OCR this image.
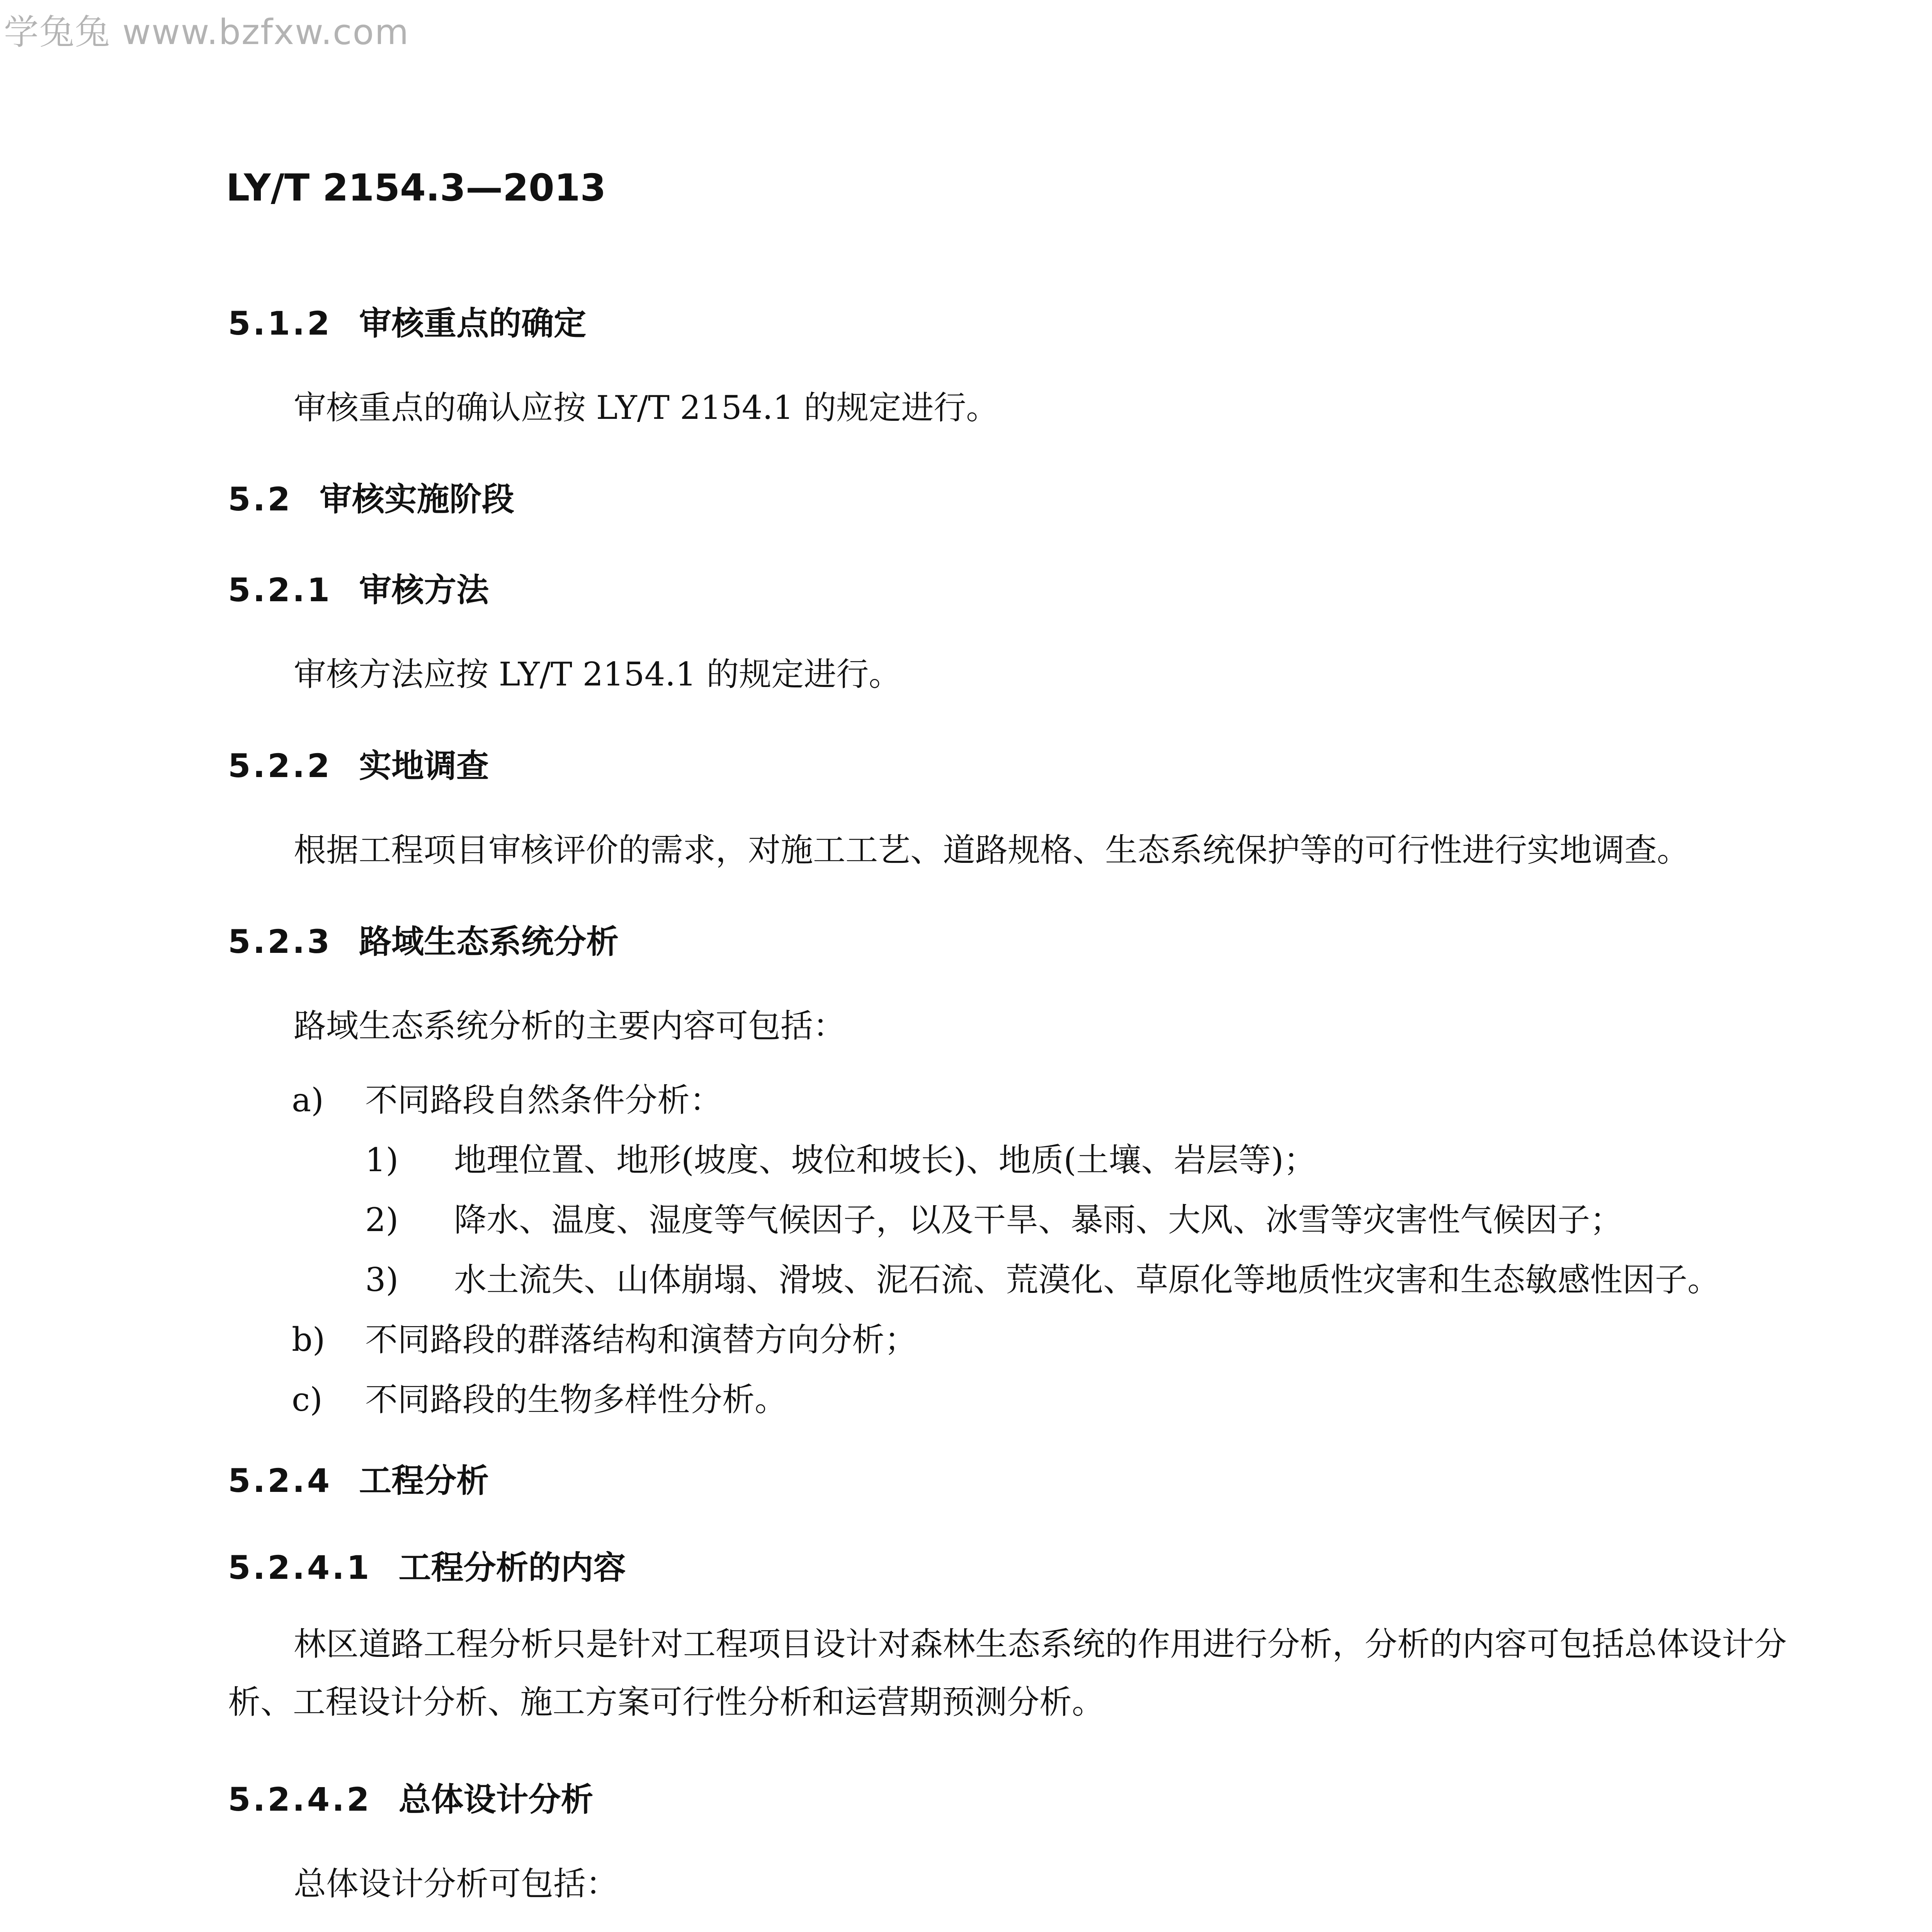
学兔兔 www.bzfxw.com
LY/T 2154.3—2013
5.1.2 审核重点的确定
审核重点的确认应按 LY/T 2154.1 的规定进行。
5.2 审核实施阶段
5.2.1 审核方法
审核方法应按 LY/T 2154.1 的规定进行。
5.2.2 实地调查
根据工程项目审核评价的需求，对施工工艺、道路规格、生态系统保护等的可行性进行实地调查。
5.2.3 路域生态系统分析
路域生态系统分析的主要内容可包括：
a) 不同路段自然条件分析：
1) 地理位置、地形(坡度、坡位和坡长)、地质(土壤、岩层等)；
2) 降水、温度、湿度等气候因子，以及干旱、暴雨、大风、冰雪等灾害性气候因子；
3) 水土流失、山体崩塌、滑坡、泥石流、荒漠化、草原化等地质性灾害和生态敏感性因子。
b) 不同路段的群落结构和演替方向分析；
c) 不同路段的生物多样性分析。
5.2.4 工程分析
5.2.4.1 工程分析的内容
林区道路工程分析只是针对工程项目设计对森林生态系统的作用进行分析，分析的内容可包括总体设计分析、工程设计分析、施工方案可行性分析和运营期预测分析。
5.2.4.2 总体设计分析
总体设计分析可包括：
